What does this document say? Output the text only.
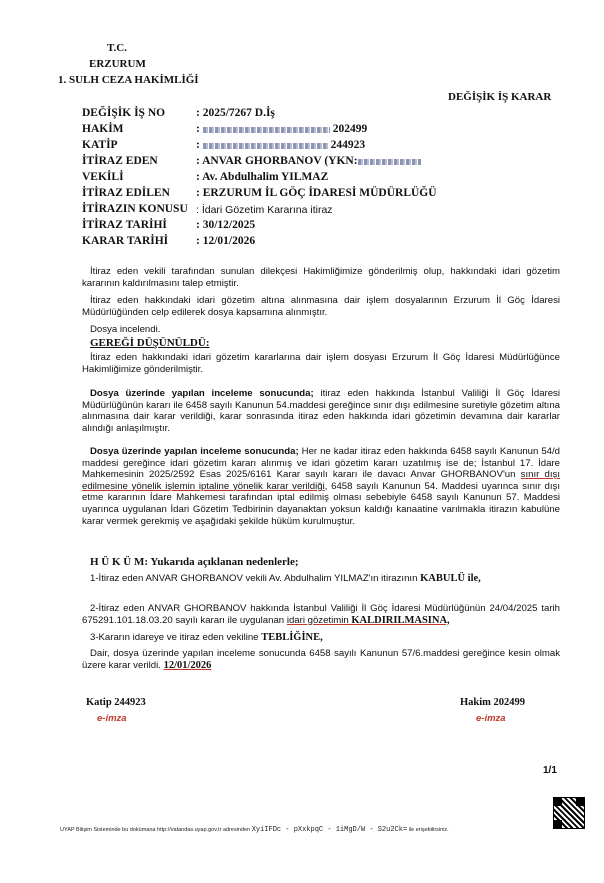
T.C.
ERZURUM
1. SULH CEZA HAKİMLİĞİ
DEĞİŞİK İŞ KARAR
DEĞİŞİK İŞ NO	: 2025/7267 D.İş
HAKİM	:	202499
KATİP	:	244923
İTİRAZ EDEN	: ANVAR GHORBANOV (YKN:
VEKİLİ	: Av. Abdulhalim YILMAZ
İTİRAZ EDİLEN : ERZURUM İL GÖÇ İDARESİ MÜDÜRLÜĞÜ
İTİRAZIN KONUSU : İdari Gözetim Kararına itiraz
İTİRAZ TARİHİ	: 30/12/2025
KARAR TARİHİ : 12/01/2026
İtiraz eden vekili tarafından sunulan dilekçesi Hakimliğimize gönderilmiş olup, hakkındaki idari gözetim kararının kaldırılmasını talep etmiştir.
İtiraz eden hakkındaki idari gözetim altına alınmasına dair işlem dosyalarının Erzurum İl Göç İdaresi Müdürlüğünden celp edilerek dosya kapsamına alınmıştır.
Dosya incelendi.
GEREĞİ DÜŞÜNÜLDÜ:
İtiraz eden hakkındaki idari gözetim kararlarına dair işlem dosyası Erzurum İl Göç İdaresi Müdürlüğünce Hakimliğimize gönderilmiştir.
Dosya üzerinde yapılan inceleme sonucunda; itiraz eden hakkında İstanbul Valiliği İl Göç İdaresi Müdürlüğünün kararı ile 6458 sayılı Kanunun 54.maddesi gereğince sınır dışı edilmesine suretiyle gözetim altına alınmasına dair karar verildiği, karar sonrasında itiraz eden hakkında idari gözetimin devamına dair kararlar alındığı anlaşılmıştır.
Dosya üzerinde yapılan inceleme sonucunda; Her ne kadar itiraz eden hakkında 6458 sayılı Kanunun 54/d maddesi gereğince idari gözetim kararı alınmış ve idari gözetim kararı uzatılmış ise de; İstanbul 17. İdare Mahkemesinin 2025/2592 Esas 2025/6161 Karar sayılı kararı ile davacı Anvar GHORBANOV'un sınır dışı edilmesine yönelik işlemin iptaline yönelik karar verildiği, 6458 sayılı Kanunun 54. Maddesi uyarınca sınır dışı etme kararının İdare Mahkemesi tarafından iptal edilmiş olması sebebiyle 6458 sayılı Kanunun 57. Maddesi uyarınca uygulanan İdari Gözetim Tedbirinin dayanaktan yoksun kaldığı kanaatine varılmakla itirazın kabulüne karar vermek gerekmiş ve aşağıdaki şekilde hüküm kurulmuştur.
H Ü K Ü M: Yukarıda açıklanan nedenlerle;
1-İtiraz eden ANVAR GHORBANOV vekili Av. Abdulhalim YILMAZ'ın itirazının KABULÜ ile,
2-İtiraz eden ANVAR GHORBANOV hakkında İstanbul Valiliği İl Göç İdaresi Müdürlüğünün 24/04/2025 tarih 675291.101.18.03.20 sayılı kararı ile uygulanan idari gözetimin KALDIRILMASINA,
3-Kararın idareye ve itiraz eden vekiline TEBLİĞİNE,
Dair, dosya üzerinde yapılan inceleme sonucunda 6458 sayılı Kanunun 57/6.maddesi gereğince kesin olmak üzere karar verildi. 12/01/2026
Katip 244923
e-imza
Hakim 202499
e-imza
1/1
UYAP Bilişim Sisteminde bu dokümana http://vatandas.uyap.gov.tr adresinden XyiIFDc - pXxkpqC - 1iMgD/W - S2u2Ck= ile erişebilirsiniz.
